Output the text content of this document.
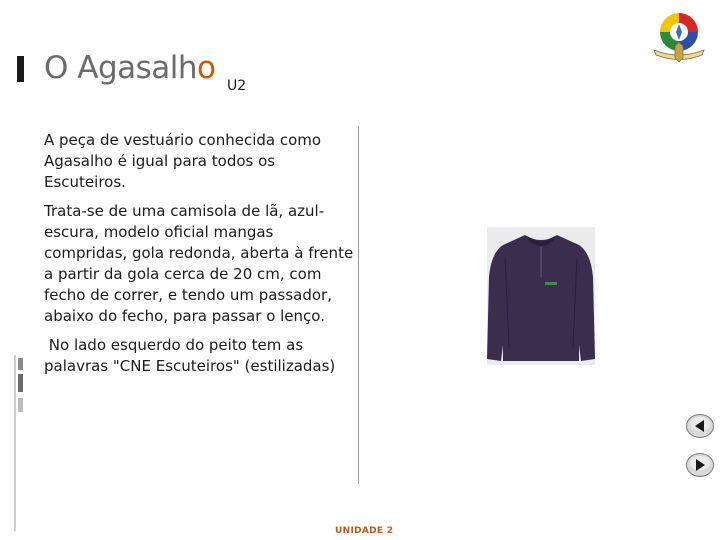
O Agasalho U2

A peça de vestuário conhecida como Agasalho é igual para todos os Escuteiros.

Trata-se de uma camisola de lã, azul-escura, modelo oficial mangas compridas, gola redonda, aberta à frente a partir da gola cerca de 20 cm, com fecho de correr, e tendo um passador, abaixo do fecho, para passar o lenço.

No lado esquerdo do peito tem as palavras "CNE Escuteiros" (estilizadas)

UNIDADE 2
